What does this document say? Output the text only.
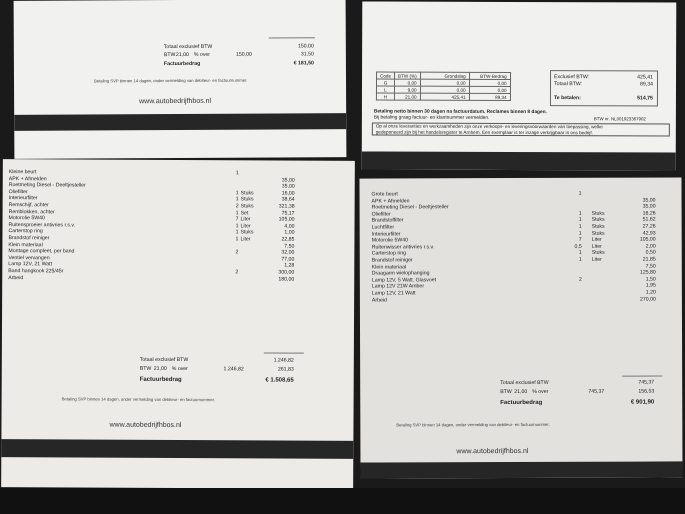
Totaal exclusief BTW	150,00
BTW 21,00 % over	150,00	31,50
Factuurbedrag	€ 181,50
Betaling SVP binnen 14 dagen, onder vermelding van debiteur- en factuurnummer.
www.autobedrijfhbos.nl
Code	BTW (%)	Grondslag	BTW-Bedrag
G	0,00	0,00	0,00
L	9,00	0,00	0,00
H	21,00	425,41	89,34
Exclusief BTW:	425,41
Totaal BTW:	89,34
Te betalen:	514,75
Betaling netto binnen 30 dagen na factuurdatum. Reclames binnen 8 dagen.
Bij betaling graag factuur- en klantnummer vermelden.	BTW nr. NL001923367902
Op al onze leveranties en werkzaamheden zijn onze verkoops- en leveringsvoorwaarden van toepassing, welke
gedeponeerd zijn bij het handelsregister te Arnhem. Een exemplaar is ter inzage verkrijgbaar in ons bedrijf.
Kleine beurt	1
APK + Afmelden	35,00
Roetmeting Diesel - Deeltjesteller	35,00
Oliefilter	1 Stuks	16,00
Interieurfilter	1 Stuks	38,64
Remschijf, achter	2 Stuks	321,38
Remblokken, achter	1 Set	75,17
Motorolie 5W40	7 Liter	105,00
Ruitensproeier antivries r.s.v.	1 Liter	4,00
Carterstop ring	1 Stuks	1,00
Brandstof reiniger	1 Liter	22,85
Klein materiaal	7,50
Montage compleet, per band	2	32,00
Ventiel vervangen	77,00
Lamp 12V, 21 Watt	1,28
Band hangkook 225/45r	2	300,00
Arbeid	180,00
Totaal exclusief BTW	1.246,82
BTW 21,00 % over	1.246,82	261,83
Factuurbedrag	€ 1.508,65
Betaling SVP binnen 14 dagen, onder vermelding van debiteur- en factuurnummer.
www.autobedrijfhbos.nl
Grote beurt	1
APK + Afmelden	35,00
Roetmeting Diesel - Deeltjesteller	35,00
Oliefilter	1 Stuks	16,26
Brandstoffilter	1 Stuks	51,62
Luchtfilter	1 Stuks	27,26
Interieurfilter	1 Stuks	42,93
Motorolie 5W40	7 Liter	105,00
Ruitenwisser antivries r.s.v.	0,5 Liter	2,00
Carterstop ring	1 Stuks	0,50
Brandstof reiniger	1 Liter	21,85
Klein materiaal	7,50
Draagarm wielophanging	125,80
Lamp 12V, 5 Watt, Glasvoet	2	1,50
Lamp 12V 21W Amber	1,95
Lamp 12V, 21 Watt	1,20
Arbeid	270,00
Totaal exclusief BTW	745,37
BTW 21,00 % over	745,37	156,53
Factuurbedrag	€ 901,90
Betaling SVP binnen 14 dagen, onder vermelding van debiteur- en factuurnummer.
www.autobedrijfhbos.nl
